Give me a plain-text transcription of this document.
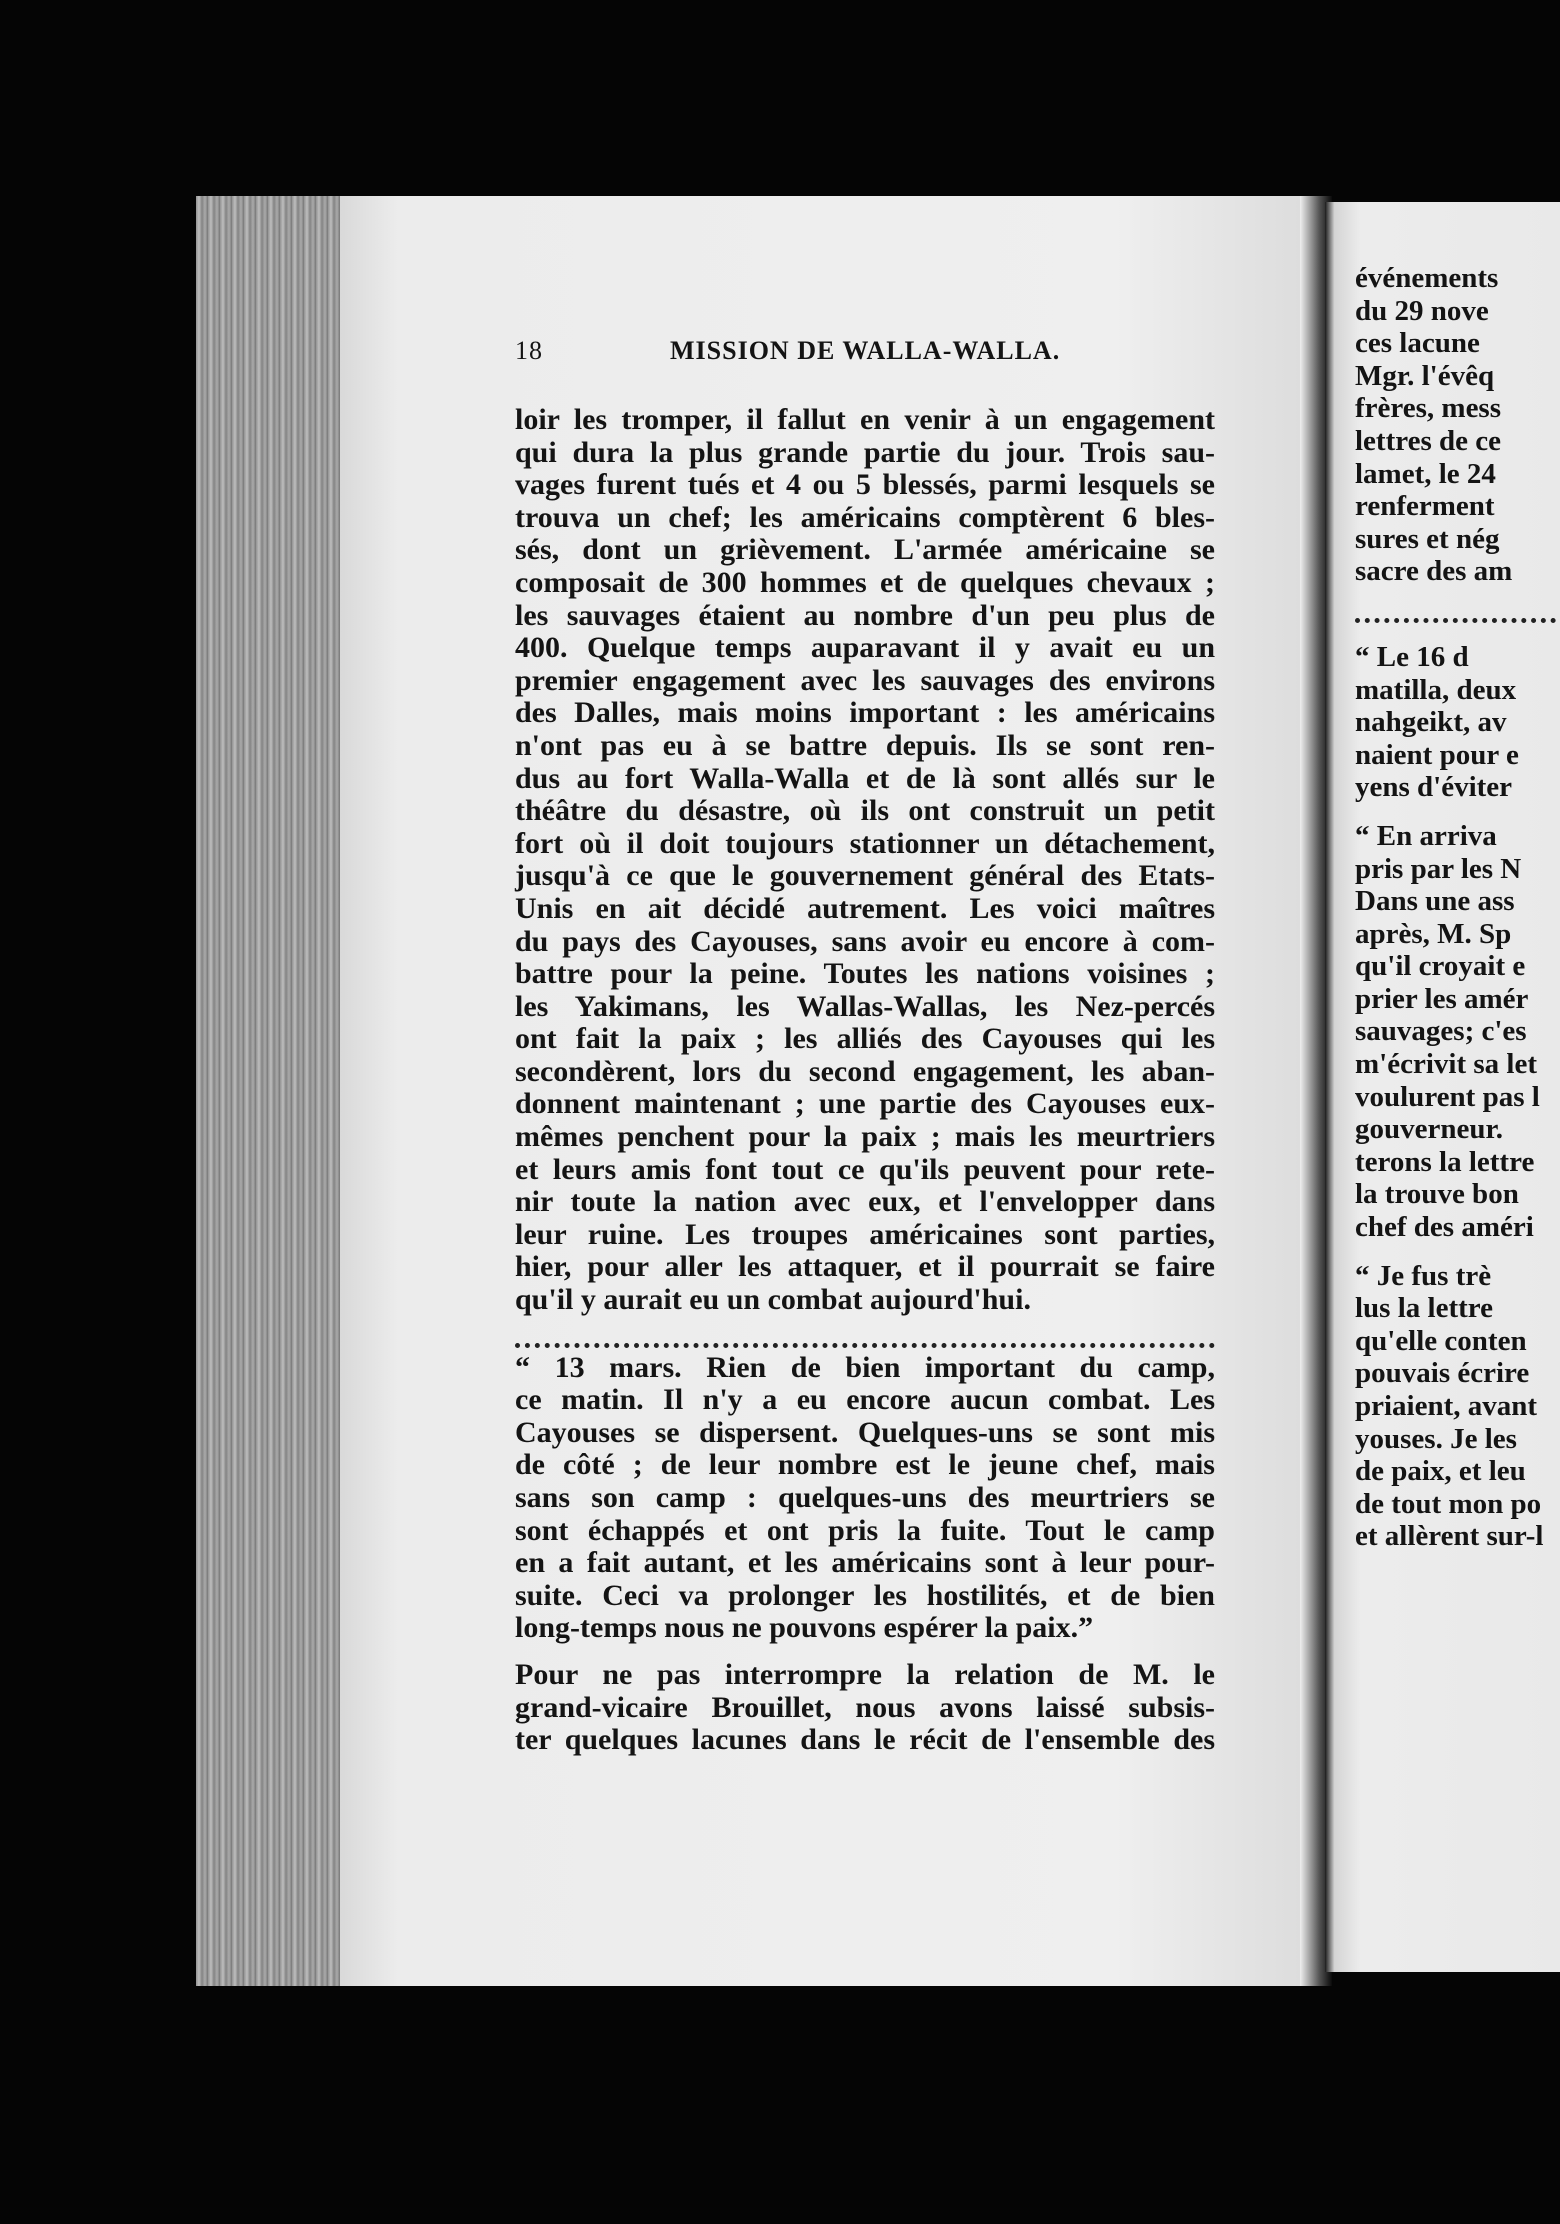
18	MISSION DE WALLA-WALLA.
loir les tromper, il fallut en venir à un engagement
qui dura la plus grande partie du jour. Trois sau-
vages furent tués et 4 ou 5 blessés, parmi lesquels se
trouva un chef; les américains comptèrent 6 bles-
sés, dont un grièvement. L'armée américaine se
composait de 300 hommes et de quelques chevaux ;
les sauvages étaient au nombre d'un peu plus de
400. Quelque temps auparavant il y avait eu un
premier engagement avec les sauvages des environs
des Dalles, mais moins important : les américains
n'ont pas eu à se battre depuis. Ils se sont ren-
dus au fort Walla-Walla et de là sont allés sur le
théâtre du désastre, où ils ont construit un petit
fort où il doit toujours stationner un détachement,
jusqu'à ce que le gouvernement général des Etats-
Unis en ait décidé autrement. Les voici maîtres
du pays des Cayouses, sans avoir eu encore à com-
battre pour la peine. Toutes les nations voisines ;
les Yakimans, les Wallas-Wallas, les Nez-percés
ont fait la paix ; les alliés des Cayouses qui les
secondèrent, lors du second engagement, les aban-
donnent maintenant ; une partie des Cayouses eux-
mêmes penchent pour la paix ; mais les meurtriers
et leurs amis font tout ce qu'ils peuvent pour rete-
nir toute la nation avec eux, et l'envelopper dans
leur ruine. Les troupes américaines sont parties,
hier, pour aller les attaquer, et il pourrait se faire
qu'il y aurait eu un combat aujourd'hui.
“ 13 mars. Rien de bien important du camp,
ce matin. Il n'y a eu encore aucun combat. Les
Cayouses se dispersent. Quelques-uns se sont mis
de côté ; de leur nombre est le jeune chef, mais
sans son camp : quelques-uns des meurtriers se
sont échappés et ont pris la fuite. Tout le camp
en a fait autant, et les américains sont à leur pour-
suite. Ceci va prolonger les hostilités, et de bien
long-temps nous ne pouvons espérer la paix.”
Pour ne pas interrompre la relation de M. le
grand-vicaire Brouillet, nous avons laissé subsis-
ter quelques lacunes dans le récit de l'ensemble des
événements
du 29 nove
ces lacune
Mgr. l'évêq
frères, mess
lettres de ce
lamet, le 24
renferment
sures et nég
sacre des am
“ Le 16 d
matilla, deux
nahgeikt, av
naient pour e
yens d'éviter
“ En arriva
pris par les N
Dans une ass
après, M. Sp
qu'il croyait e
prier les amér
sauvages; c'es
m'écrivit sa let
voulurent pas l
gouverneur.
terons la lettre
la trouve bon
chef des améri
“ Je fus trè
lus la lettre
qu'elle conten
pouvais écrire
priaient, avant
youses. Je les
de paix, et leu
de tout mon po
et allèrent sur-l
